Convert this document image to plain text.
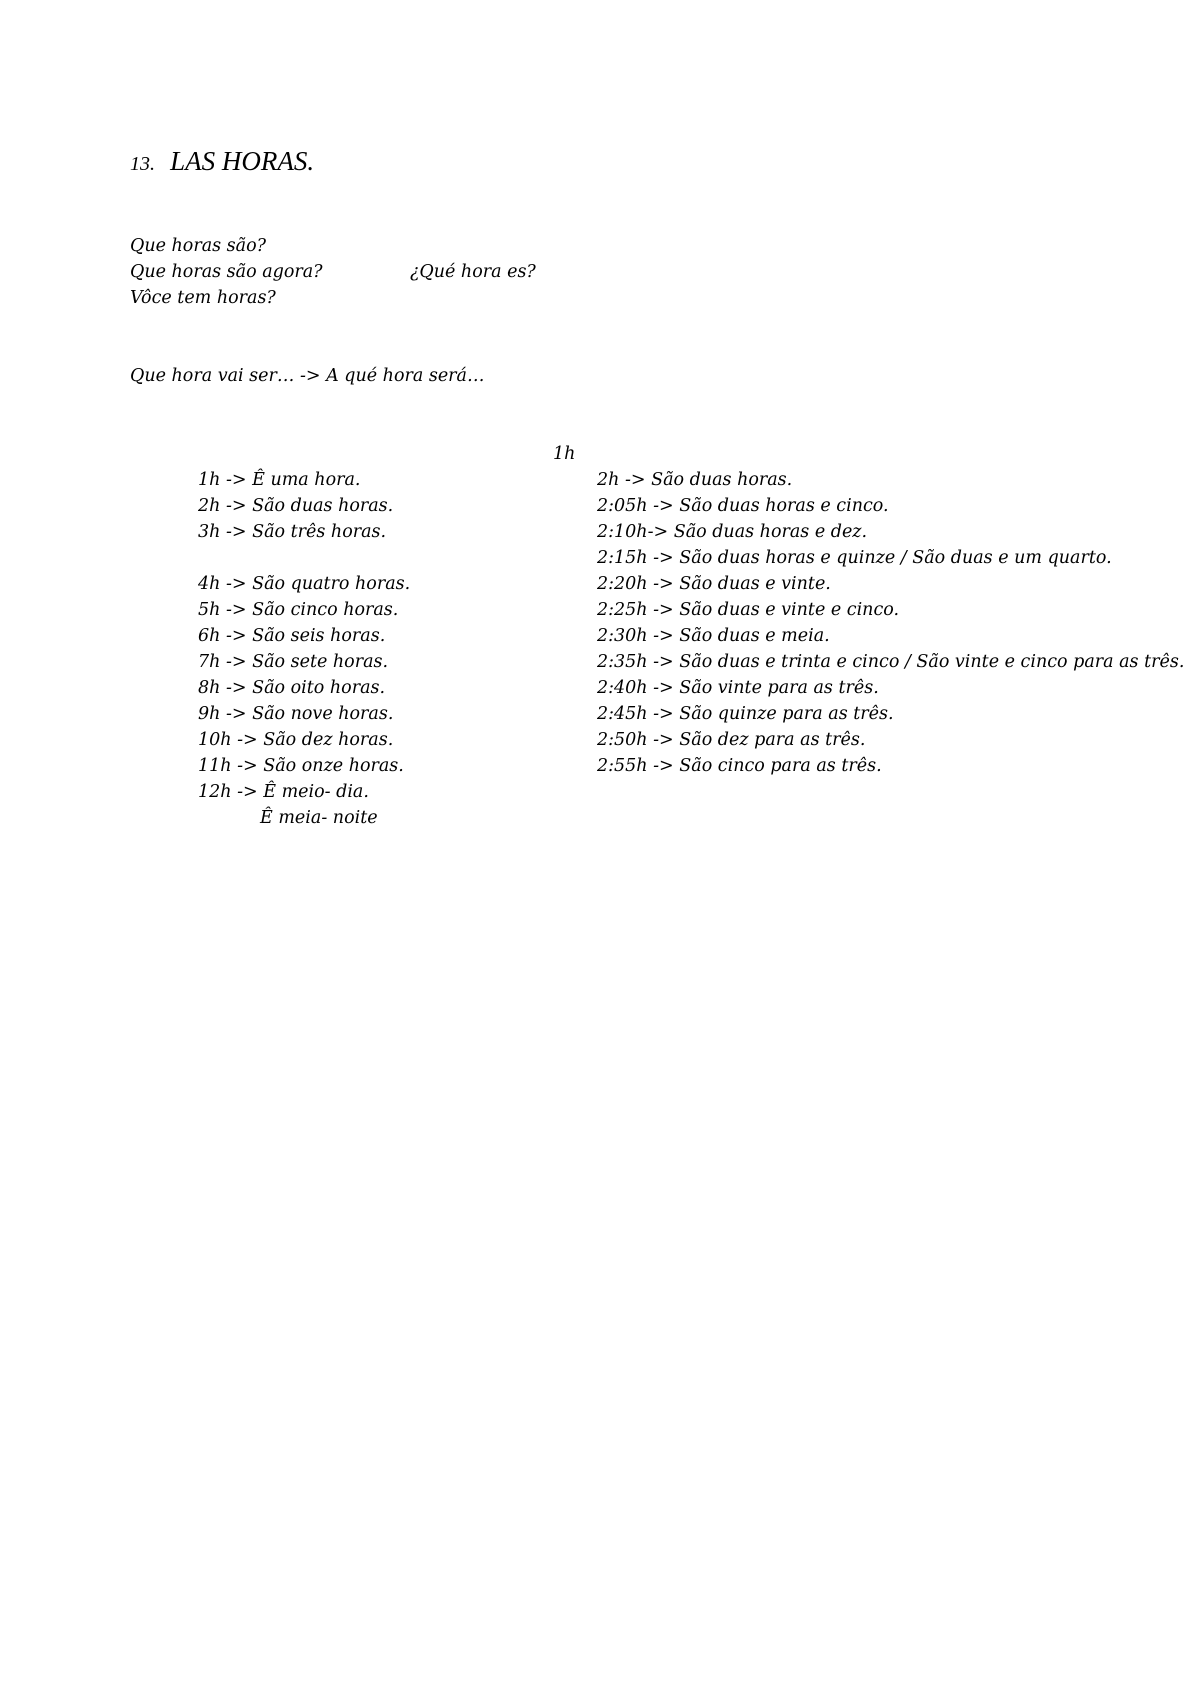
13. LAS HORAS.
Que horas são?
Que horas são agora?	¿Qué hora es?
Vôce tem horas?
Que hora vai ser… -> A qué hora será…
1h
1h -> Ê uma hora.
2h -> São duas horas.
3h -> São três horas.
4h -> São quatro horas.
5h -> São cinco horas.
6h -> São seis horas.
7h -> São sete horas.
8h -> São oito horas.
9h -> São nove horas.
10h -> São dez horas.
11h -> São onze horas.
12h -> Ê meio- dia.
Ê meia- noite
2h -> São duas horas.
2:05h -> São duas horas e cinco.
2:10h-> São duas horas e dez.
2:15h -> São duas horas e quinze / São duas e um quarto.
2:20h -> São duas e vinte.
2:25h -> São duas e vinte e cinco.
2:30h -> São duas e meia.
2:35h -> São duas e trinta e cinco / São vinte e cinco para as três.
2:40h -> São vinte para as três.
2:45h -> São quinze para as três.
2:50h -> São dez para as três.
2:55h -> São cinco para as três.
